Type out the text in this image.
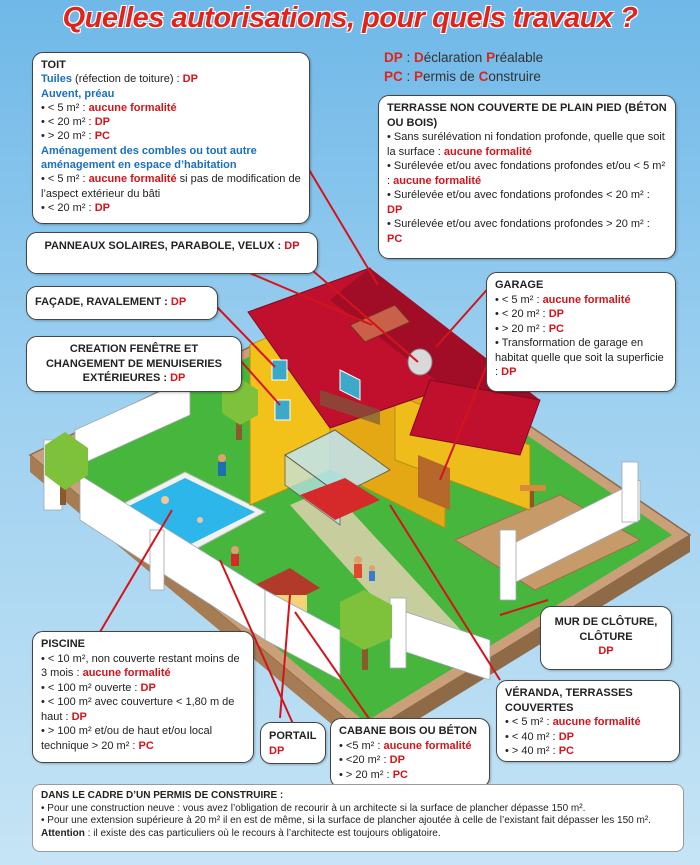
Quelles autorisations, pour quels travaux ?
DP : Déclaration Préalable
PC : Permis de Construire
TOIT
Tuiles (réfection de toiture) : DP
Auvent, préau
• < 5 m² : aucune formalité
• < 20 m² : DP
• > 20 m² : PC
Aménagement des combles ou tout autre aménagement en espace d’habitation
• < 5 m² : aucune formalité si pas de modification de l’aspect extérieur du bâti
• < 20 m² : DP
TERRASSE NON COUVERTE DE PLAIN PIED (BÉTON OU BOIS)
• Sans surélévation ni fondation profonde, quelle que soit la surface : aucune formalité
• Surélevée et/ou avec fondations profondes et/ou < 5 m² : aucune formalité
• Surélevée et/ou avec fondations profondes < 20 m² : DP
• Surélevée et/ou avec fondations profondes > 20 m² : PC
PANNEAUX SOLAIRES, PARABOLE, VELUX : DP
FAÇADE, RAVALEMENT : DP
CREATION FENÊTRE ET CHANGEMENT DE MENUISERIES EXTÉRIEURES : DP
GARAGE
• < 5 m² : aucune formalité
• < 20 m² : DP
• > 20 m² : PC
• Transformation de garage en habitat quelle que soit la superficie : DP
MUR DE CLÔTURE, CLÔTURE
DP
PISCINE
• < 10 m², non couverte restant moins de 3 mois : aucune formalité
• < 100 m² ouverte : DP
• < 100 m² avec couverture < 1,80 m de haut : DP
• > 100 m² et/ou de haut et/ou local technique > 20 m² : PC
PORTAIL
DP
CABANE BOIS OU BÉTON
• <5 m² : aucune formalité
• <20 m² : DP
• > 20 m² : PC
VÉRANDA, TERRASSES COUVERTES
• < 5 m² : aucune formalité
• < 40 m² : DP
• > 40 m² : PC
DANS LE CADRE D’UN PERMIS DE CONSTRUIRE :
• Pour une construction neuve : vous avez l’obligation de recourir à un architecte si la surface de plancher dépasse 150 m².
• Pour une extension supérieure à 20 m² il en est de même, si la surface de plancher ajoutée à celle de l’existant fait dépasser les 150 m².
Attention : il existe des cas particuliers où le recours à l’architecte est toujours obligatoire.
